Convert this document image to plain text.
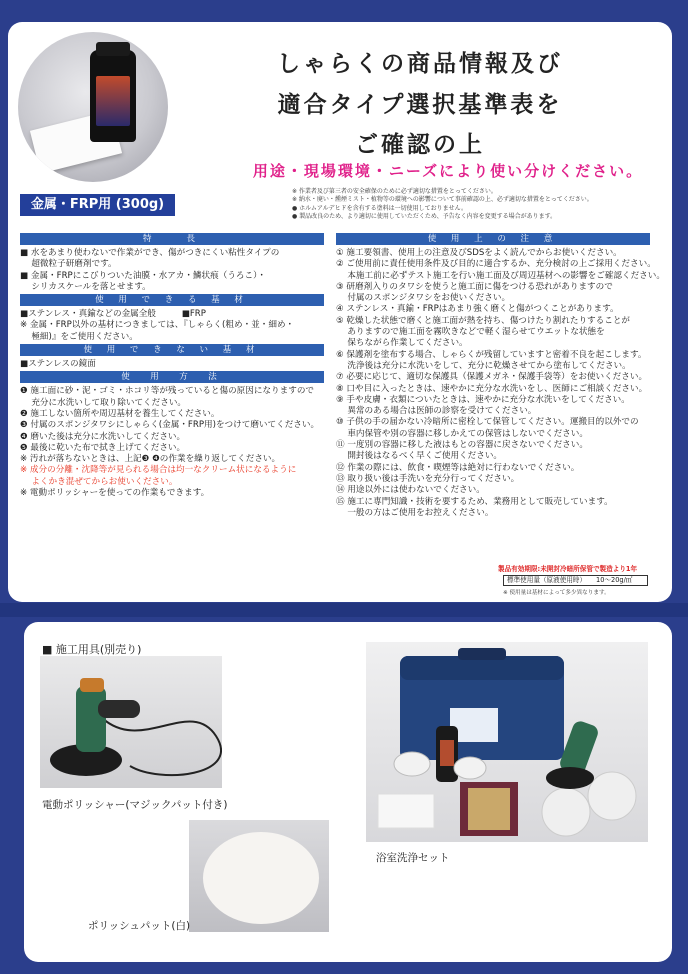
しゃらくの商品情報及び
適合タイプ選択基準表を
ご確認の上
用途・現場環境・ニーズにより使い分けください。
金属・FRP用 (300g)
※ 作業者及び第三者の安全確保のために必ず適切な措置をとってください。
※ 納水・廃い・燻煙ミスト・植物等の環境への影響について事前確認の上、必ず適切な措置をとってください。
● ホルムアルデヒドを含有する塗料は一切使用しておりません。
● 製品改良のため、より適切に使用していただくため、予告なく内容を変更する場合があります。
特　　長
■ 水をあまり使わないで作業ができ、傷がつきにくい粘性タイプの
　 超微粒子研磨剤です。
■ 金属・FRPにこびりついた油膜・水アカ・鱗状痕（うろこ）・
　 シリカスケールを落とせます。
使 用 で き る 基 材
■ステンレス・真鍮などの金属全般　　　■FRP
※ 金属・FRP以外の基材につきましては、『しゃらく(粗め・並・細め・
　 極細)』をご使用ください。
使 用 で き な い 基 材
■ステンレスの鏡面
使　用　方　法
❶ 施工面に砂・泥・ゴミ・ホコリ等が残っていると傷の原因になりますので
　 充分に水洗いして取り除いてください。
❷ 施工しない箇所や周辺基材を養生してください。
❸ 付属のスポンジタワシにしゃらく(金属・FRP用)をつけて磨いてください。
❹ 磨いた後は充分に水洗いしてください。
❺ 最後に乾いた布で拭き上げてください。
※ 汚れが落ちないときは、上記❸ ❹の作業を繰り返してください。
※ 成分の分離・沈降等が見られる場合は均一なクリーム状になるように
　 よくかき混ぜてからお使いください。
※ 電動ポリッシャーを使っての作業もできます。
使 用 上 の 注 意
① 施工要領書、使用上の注意及びSDSをよく読んでからお使いください。
② ご使用前に責任使用条件及び目的に適合するか、充分検討の上ご採用ください。
　 本施工前に必ずテスト施工を行い施工面及び周辺基材への影響をご確認ください。
③ 研磨剤入りのタワシを使うと施工面に傷をつける恐れがありますので
　 付属のスポンジタワシをお使いください。
④ ステンレス・真鍮・FRPはあまり強く磨くと傷がつくことがあります。
⑤ 乾燥した状態で磨くと施工面が熱を持ち、傷つけたり割れたりすることが
　 ありますので施工面を霧吹きなどで軽く湿らせてウエットな状態を
　 保ちながら作業してください。
⑥ 保護剤を塗布する場合、しゃらくが残留していますと密着不良を起こします。
　 洗浄後は充分に水洗いをして、充分に乾燥させてから塗布してください。
⑦ 必要に応じて、適切な保護具（保護メガネ・保護手袋等）をお使いください。
⑧ 口や目に入ったときは、速やかに充分な水洗いをし、医師にご相談ください。
⑨ 手や皮膚・衣類についたときは、速やかに充分な水洗いをしてください。
　 異常のある場合は医師の診察を受けてください。
⑩ 子供の手の届かない冷暗所に密栓して保管してください。運搬目的以外での
　 車内保管や別の容器に移しかえての保管はしないでください。
⑪ 一度別の容器に移した液はもとの容器に戻さないでください。
　 開封後はなるべく早くご使用ください。
⑫ 作業の際には、飲食・喫煙等は絶対に行わないでください。
⑬ 取り扱い後は手洗いを充分行ってください。
⑭ 用途以外には使わないでください。
⑮ 施工に専門知識・技術を要するため、業務用として販売しています。
　 一般の方はご使用をお控えください。
製品有効期限:未開封冷暗所保管で製造より1年
標準使用量（原液使用時）　　10〜20g/㎡
※ 使用量は基材によって多少異なります。
■ 施工用具(別売り)
電動ポリッシャー(マジックパット付き)
浴室洗浄セット
ポリッシュパット(白)
